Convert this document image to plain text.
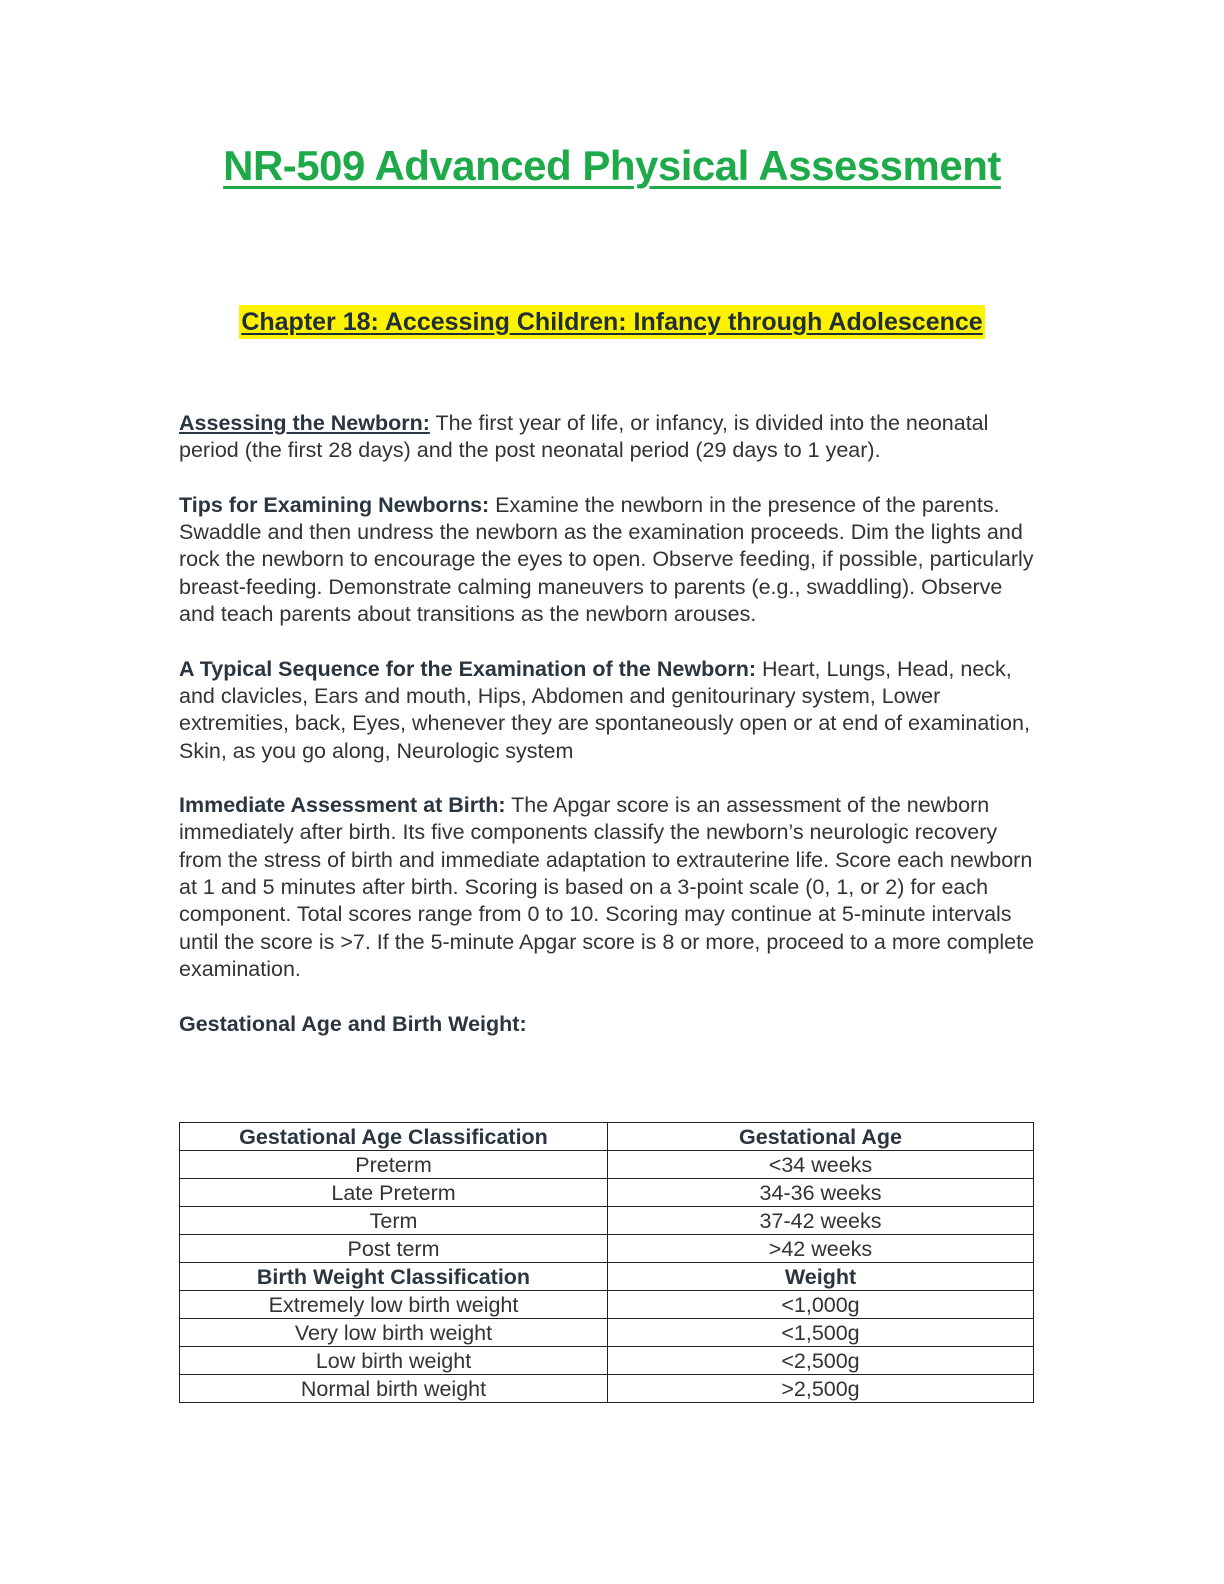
NR-509 Advanced Physical Assessment
Chapter 18: Accessing Children: Infancy through Adolescence

Assessing the Newborn: The first year of life, or infancy, is divided into the neonatal period (the first 28 days) and the post neonatal period (29 days to 1 year).

Tips for Examining Newborns: Examine the newborn in the presence of the parents. Swaddle and then undress the newborn as the examination proceeds. Dim the lights and rock the newborn to encourage the eyes to open. Observe feeding, if possible, particularly breast-feeding. Demonstrate calming maneuvers to parents (e.g., swaddling). Observe and teach parents about transitions as the newborn arouses.

A Typical Sequence for the Examination of the Newborn: Heart, Lungs, Head, neck, and clavicles, Ears and mouth, Hips, Abdomen and genitourinary system, Lower extremities, back, Eyes, whenever they are spontaneously open or at end of examination, Skin, as you go along, Neurologic system

Immediate Assessment at Birth: The Apgar score is an assessment of the newborn immediately after birth. Its five components classify the newborn’s neurologic recovery from the stress of birth and immediate adaptation to extrauterine life. Score each newborn at 1 and 5 minutes after birth. Scoring is based on a 3-point scale (0, 1, or 2) for each component. Total scores range from 0 to 10. Scoring may continue at 5-minute intervals until the score is >7. If the 5-minute Apgar score is 8 or more, proceed to a more complete examination.

Gestational Age and Birth Weight:

Gestational Age Classification	Gestational Age
Preterm	<34 weeks
Late Preterm	34-36 weeks
Term	37-42 weeks
Post term	>42 weeks
Birth Weight Classification	Weight
Extremely low birth weight	<1,000g
Very low birth weight	<1,500g
Low birth weight	<2,500g
Normal birth weight	>2,500g
